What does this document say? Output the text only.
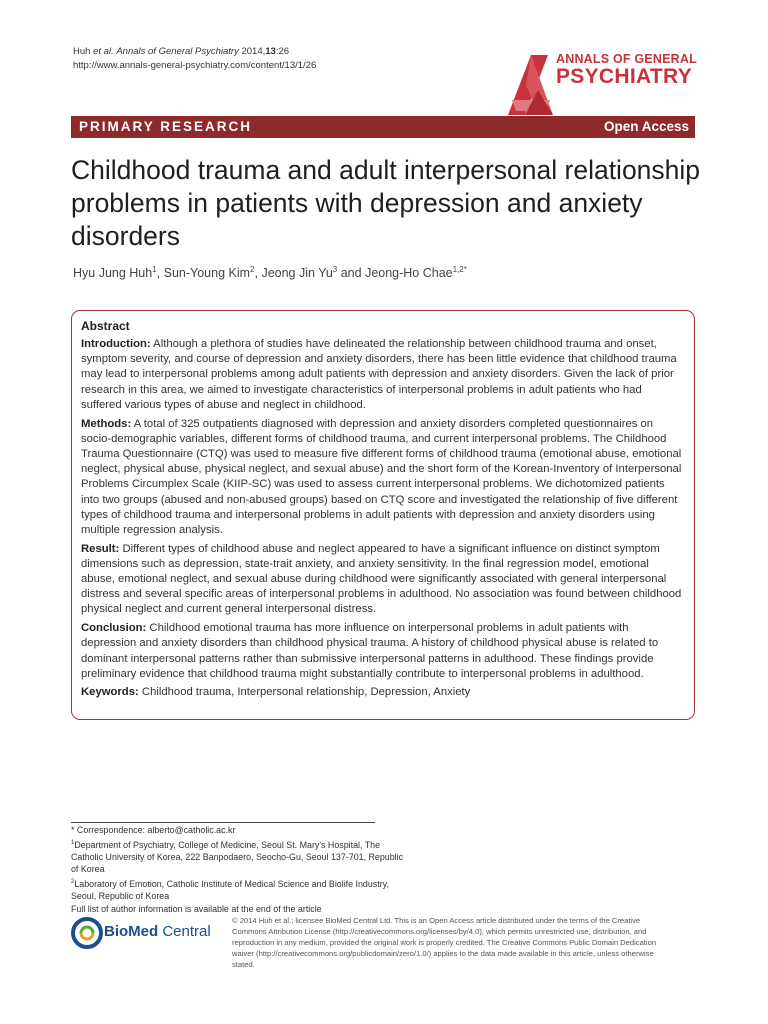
Huh et al. Annals of General Psychiatry 2014,13:26
http://www.annals-general-psychiatry.com/content/13/1/26	ANNALS OF GENERAL
PSYCHIATRY
PRIMARY RESEARCH	Open Access
Childhood trauma and adult interpersonal relationship problems in patients with depression and anxiety disorders
Hyu Jung Huh$^1$, Sun-Young Kim$^2$, Jeong Jin Yu$^3$ and Jeong-Ho Chae$^{1,2*}$
Abstract

Introduction: Although a plethora of studies have delineated the relationship between childhood trauma and onset, symptom severity, and course of depression and anxiety disorders, there has been little evidence that childhood trauma may lead to interpersonal problems among adult patients with depression and anxiety disorders. Given the lack of prior research in this area, we aimed to investigate characteristics of interpersonal problems in adult patients who had suffered various types of abuse and neglect in childhood.

Methods: A total of 325 outpatients diagnosed with depression and anxiety disorders completed questionnaires on socio-demographic variables, different forms of childhood trauma, and current interpersonal problems. The Childhood Trauma Questionnaire (CTQ) was used to measure five different forms of childhood trauma (emotional abuse, emotional neglect, physical abuse, physical neglect, and sexual abuse) and the short form of the Korean-Inventory of Interpersonal Problems Circumplex Scale (KIIP-SC) was used to assess current interpersonal problems. We dichotomized patients into two groups (abused and non-abused groups) based on CTQ score and investigated the relationship of five different types of childhood trauma and interpersonal problems in adult patients with depression and anxiety disorders using multiple regression analysis.

Result: Different types of childhood abuse and neglect appeared to have a significant influence on distinct symptom dimensions such as depression, state-trait anxiety, and anxiety sensitivity. In the final regression model, emotional abuse, emotional neglect, and sexual abuse during childhood were significantly associated with general interpersonal distress and several specific areas of interpersonal problems in adulthood. No association was found between childhood physical neglect and current general interpersonal distress.

Conclusion: Childhood emotional trauma has more influence on interpersonal problems in adult patients with depression and anxiety disorders than childhood physical trauma. A history of childhood physical abuse is related to dominant interpersonal patterns rather than submissive interpersonal patterns in adulthood. These findings provide preliminary evidence that childhood trauma might substantially contribute to interpersonal problems in adulthood.

Keywords: Childhood trauma, Interpersonal relationship, Depression, Anxiety

* Correspondence: alberto@catholic.ac.kr
$^1$Department of Psychiatry, College of Medicine, Seoul St. Mary's Hospital, The Catholic University of Korea, 222 Banpodaero, Seocho-Gu, Seoul 137-701, Republic of Korea
$^2$Laboratory of Emotion, Catholic Institute of Medical Science and Biolife Industry, Seoul, Republic of Korea
Full list of author information is available at the end of the article
BioMed Central
© 2014 Huh et al.; licensee BioMed Central Ltd. This is an Open Access article distributed under the terms of the Creative Commons Attribution License (http://creativecommons.org/licenses/by/4.0), which permits unrestricted use, distribution, and reproduction in any medium, provided the original work is properly credited. The Creative Commons Public Domain Dedication waiver (http://creativecommons.org/publicdomain/zero/1.0/) applies to the data made available in this article, unless otherwise stated.
